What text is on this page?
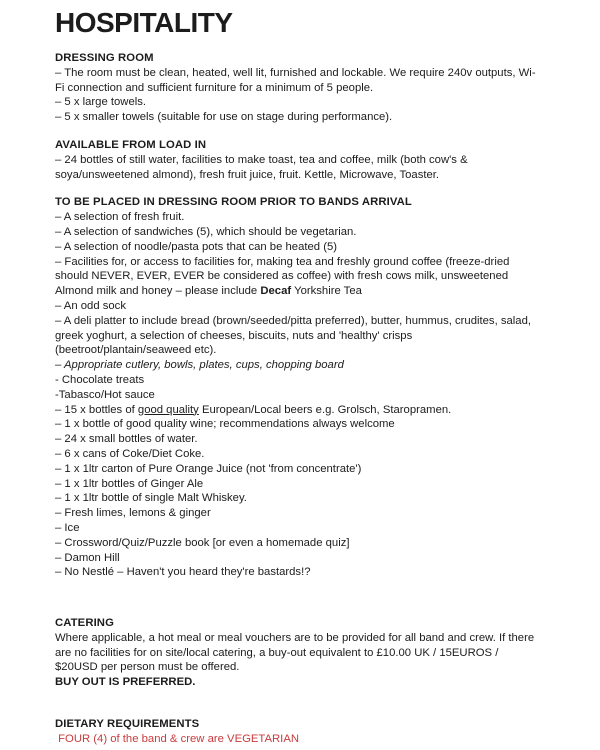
HOSPITALITY
DRESSING ROOM

– The room must be clean, heated, well lit, furnished and lockable. We require 240v outputs, Wi-Fi connection and sufficient furniture for a minimum of 5 people.

– 5 x large towels.

– 5 x smaller towels (suitable for use on stage during performance).

AVAILABLE FROM LOAD IN

– 24 bottles of still water, facilities to make toast, tea and coffee, milk (both cow's & soya/unsweetened almond), fresh fruit juice, fruit. Kettle, Microwave, Toaster.

TO BE PLACED IN DRESSING ROOM PRIOR TO BANDS ARRIVAL

– A selection of fresh fruit.

– A selection of sandwiches (5), which should be vegetarian.

– A selection of noodle/pasta pots that can be heated (5)

– Facilities for, or access to facilities for, making tea and freshly ground coffee (freeze-dried should NEVER, EVER, EVER be considered as coffee) with fresh cows milk, unsweetened Almond milk and honey – please include Decaf Yorkshire Tea

– An odd sock

– A deli platter to include bread (brown/seeded/pitta preferred), butter, hummus, crudites, salad, greek yoghurt, a selection of cheeses, biscuits, nuts and 'healthy' crisps (beetroot/plantain/seaweed etc).

– Appropriate cutlery, bowls, plates, cups, chopping board

- Chocolate treats

-Tabasco/Hot sauce

– 15 x bottles of good quality European/Local beers e.g. Grolsch, Staropramen.

– 1 x bottle of good quality wine; recommendations always welcome

– 24 x small bottles of water.

– 6 x cans of Coke/Diet Coke.

– 1 x 1ltr carton of Pure Orange Juice (not 'from concentrate')

– 1 x 1ltr bottles of Ginger Ale

– 1 x 1ltr bottle of single Malt Whiskey.

– Fresh limes, lemons & ginger

– Ice

– Crossword/Quiz/Puzzle book [or even a homemade quiz]

– Damon Hill

– No Nestlé – Haven't you heard they're bastards!?

CATERING

Where applicable, a hot meal or meal vouchers are to be provided for all band and crew. If there are no facilities for on site/local catering, a buy-out equivalent to £10.00 UK / 15EUROS / $20USD per person must be offered.

BUY OUT IS PREFERRED.

DIETARY REQUIREMENTS

FOUR (4) of the band & crew are VEGETARIAN
